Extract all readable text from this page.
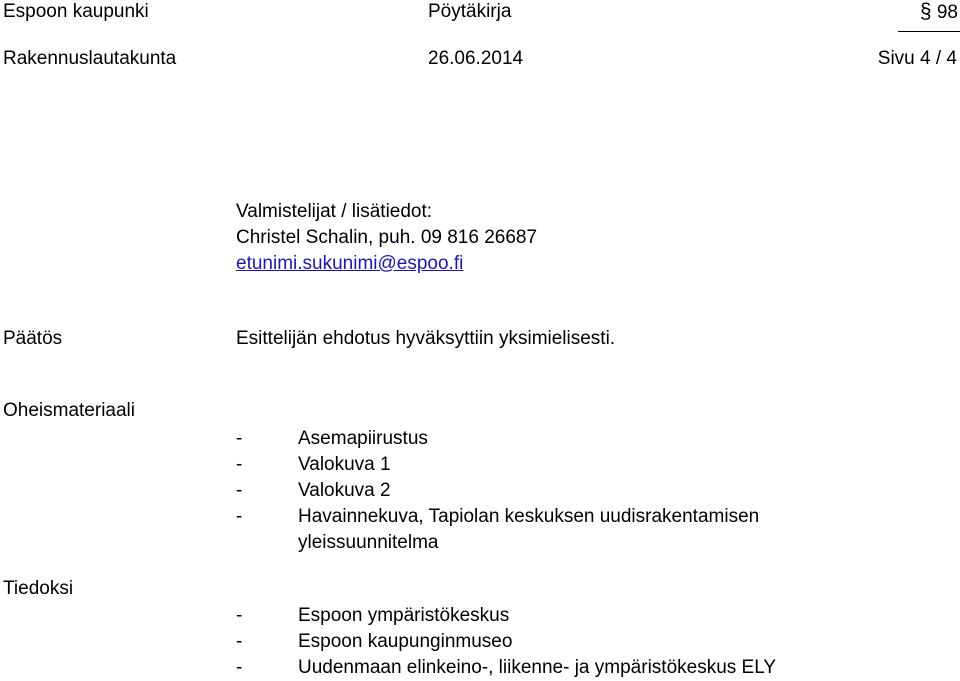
Espoon kaupunki	Pöytäkirja	§ 98
Rakennuslautakunta	26.06.2014	Sivu 4 / 4
Valmistelijat / lisätiedot:
Christel Schalin, puh. 09 816 26687
etunimi.sukunimi@espoo.fi
Päätös	Esittelijän ehdotus hyväksyttiin yksimielisesti.
Oheismateriaali
-	Asemapiirustus
-	Valokuva 1
-	Valokuva 2
-	Havainnekuva, Tapiolan keskuksen uudisrakentamisen
yleissuunnitelma
Tiedoksi
-	Espoon ympäristökeskus
-	Espoon kaupunginmuseo
-	Uudenmaan elinkeino-, liikenne- ja ympäristökeskus ELY
